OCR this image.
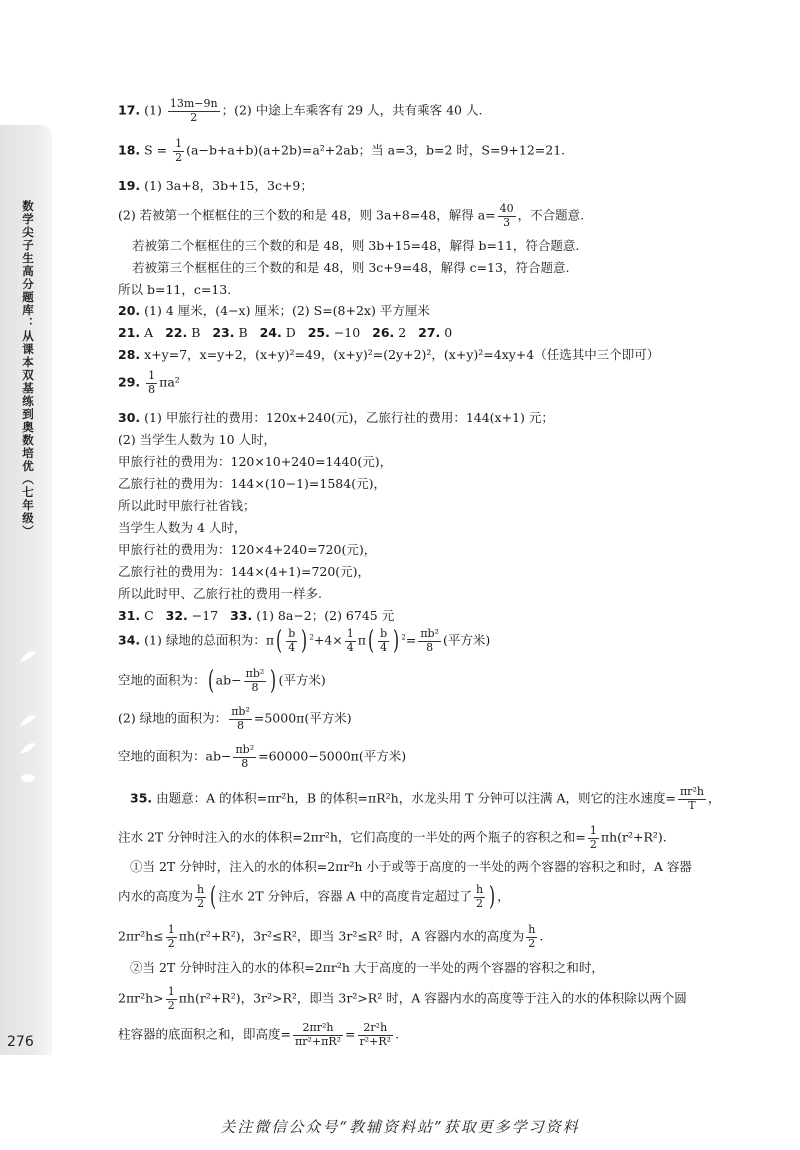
数学尖子生高分题库：从课本双基练到奥数培优（七年级）
276
17. $(1) \frac{13m-9n}{2}$ ；(2) 中途上车乘客有 29 人，共有乘客 40 人.
18. $S = \frac{1}{2} (a-b+a+b)(a+2b)=a^2+2ab$；当 a=3，b=2 时，S=9+12=21.
19. (1) 3a+8，3b+15，3c+9；
(2) 若被第一个框框住的三个数的和是 48，则 3a+8=48，解得 $a= \frac{40}{3}$ ，不合题意.
若被第二个框框住的三个数的和是 48，则 3b+15=48，解得 b=11，符合题意.
若被第三个框框住的三个数的和是 48，则 3c+9=48，解得 c=13，符合题意.
所以 b=11，c=13.
20. (1) 4 厘米，(4−x) 厘米；(2) S=(8+2x) 平方厘米
21. A 22. B 23. B 24. D 25. −10 26. 2 27. 0
28. x+y=7，x=y+2，(x+y)²=49，(x+y)²=(2y+2)²，(x+y)²=4xy+4（任选其中三个即可）
29. $\frac{1}{8} \pi a^2$
30. (1) 甲旅行社的费用：120x+240(元)，乙旅行社的费用：144(x+1) 元；
(2) 当学生人数为 10 人时，
甲旅行社的费用为：120×10+240=1440(元)，
乙旅行社的费用为：144×(10−1)=1584(元)，
所以此时甲旅行社省钱；
当学生人数为 4 人时，
甲旅行社的费用为：120×4+240=720(元)，
乙旅行社的费用为：144×(4+1)=720(元)，
所以此时甲、乙旅行社的费用一样多.
31. C 32. −17 33. (1) 8a−2；(2) 6745 元
34. (1) 绿地的总面积为：$\pi( \frac{b}{4}$ ) $^2+4\times \frac{1}{4} \pi( \frac{b}{4}$ ) $^2= \frac{\text{πb²}}{8}$ (平方米)
空地的面积为：( $ab- \frac{\text{πb²}}{8}$ ) (平方米)
(2) 绿地的面积为： $\frac{\text{πb²}}{8} =5000\pi$(平方米)
空地的面积为：$ab- \frac{\text{πb²}}{8} =60000-5000\pi$(平方米)
35. 由题意：A 的体积=πr²h，B 的体积=πR²h，水龙头用 T 分钟可以注满 A，则它的注水速度= $\frac{\text{πr²h}}{T}$ ，
注水 2T 分钟时注入的水的体积=2πr²h，它们高度的一半处的两个瓶子的容积之和= $\frac{1}{2} \pi h(r^2+R^2)$.
①当 2T 分钟时，注入的水的体积=2πr²h 小于或等于高度的一半处的两个容器的容积之和时，A 容器
内水的高度为 $\frac{h}{2}$ ( 注水 2T 分钟后，容器 A 中的高度肯定超过了 $\frac{h}{2}$ ) ，
$2\pi r^2h\le \frac{1}{2} \pi h(r^2+R^2)$，3r²≤R²，即当 3r²≤R² 时，A 容器内水的高度为 $\frac{h}{2}$ .
②当 2T 分钟时注入的水的体积=2πr²h 大于高度的一半处的两个容器的容积之和时，
$2\pi r^2h> \frac{1}{2} \pi h(r^2+R^2)$，3r²>R²，即当 3r²>R² 时，A 容器内水的高度等于注入的水的体积除以两个圆
柱容器的底面积之和，即高度= $\frac{\text{2πr²h}}{\text{πr²+πR²}} = \frac{\text{2r²h}}{\text{r²+R²}}$ .
关注微信公众号“教辅资料站”获取更多学习资料
